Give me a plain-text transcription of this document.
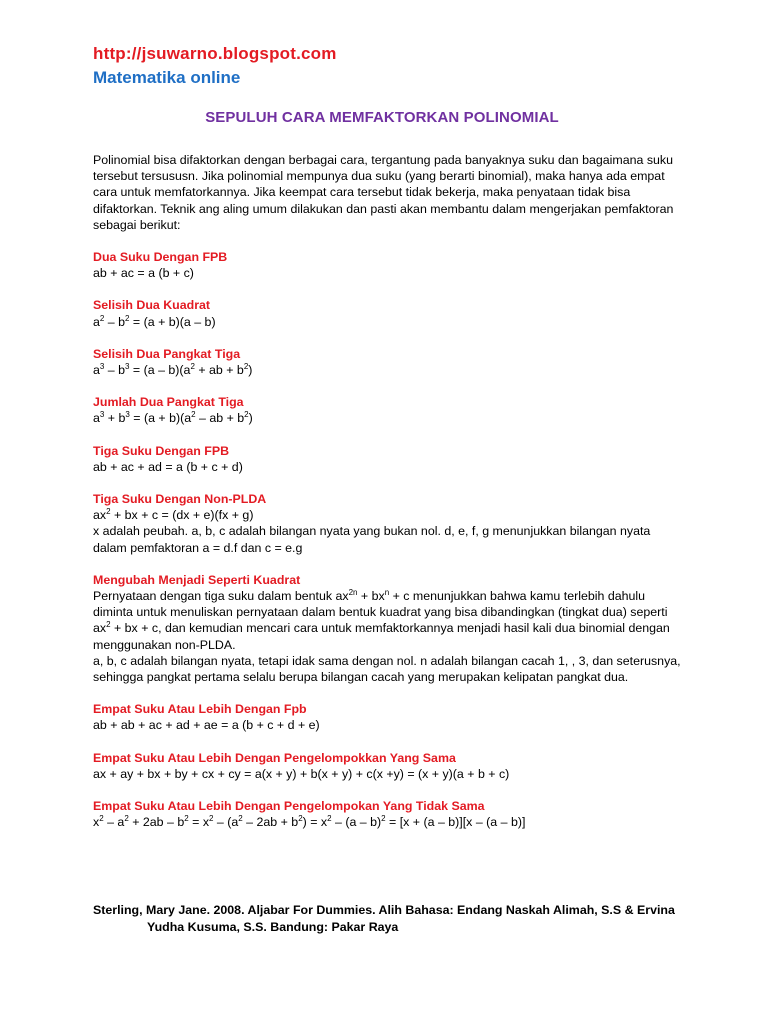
http://jsuwarno.blogspot.com
Matematika online
SEPULUH CARA MEMFAKTORKAN POLINOMIAL

Polinomial bisa difaktorkan dengan berbagai cara, tergantung pada banyaknya suku dan bagaimana suku tersebut tersususn. Jika polinomial mempunya dua suku (yang berarti binomial), maka hanya ada empat cara untuk memfatorkannya. Jika keempat cara tersebut tidak bekerja, maka penyataan tidak bisa difaktorkan. Teknik ang aling umum dilakukan dan pasti akan membantu dalam mengerjakan pemfaktoran sebagai berikut:

Dua Suku Dengan FPB
ab + ac = a (b + c)
Selisih Dua Kuadrat
$a^2 - b^2 = (a + b)(a - b)$
Selisih Dua Pangkat Tiga
$a^3 - b^3 = (a - b)(a^2$ + ab + $b^2$)
Jumlah Dua Pangkat Tiga
$a^3 + b^3 = (a + b)(a^2$ – ab + $b^2$)
Tiga Suku Dengan FPB
ab + ac + ad = a (b + c + d)
Tiga Suku Dengan Non-PLDA
$ax^2$ + bx + c = (dx + e)(fx + g)
x adalah peubah. a, b, c adalah bilangan nyata yang bukan nol. d, e, f, g menunjukkan bilangan nyata dalam pemfaktoran a = d.f dan c = e.g
Mengubah Menjadi Seperti Kuadrat
Pernyataan dengan tiga suku dalam bentuk $ax^{2n} + bx^n + c$ menunjukkan bahwa kamu terlebih dahulu diminta untuk menuliskan pernyataan dalam bentuk kuadrat yang bisa dibandingkan (tingkat dua) seperti $ax^2$ + bx + c, dan kemudian mencari cara untuk memfaktorkannya menjadi hasil kali dua binomial dengan menggunakan non-PLDA.
a, b, c adalah bilangan nyata, tetapi idak sama dengan nol. n adalah bilangan cacah 1, , 3, dan seterusnya, sehingga pangkat pertama selalu berupa bilangan cacah yang merupakan kelipatan pangkat dua.
Empat Suku Atau Lebih Dengan Fpb
ab + ab + ac + ad + ae = a (b + c + d + e)
Empat Suku Atau Lebih Dengan Pengelompokkan Yang Sama
ax + ay + bx + by + cx + cy = a(x + y) + b(x + y) + c(x +y) = (x + y)(a + b + c)
Empat Suku Atau Lebih Dengan Pengelompokan Yang Tidak Sama
$x^2 - a^2 + 2ab - b^2 = x^2 - (a^2 - 2ab + b^2) = x^2 - (a - b)^2 = [x + (a - b)][x - (a - b)]$
Sterling, Mary Jane. 2008. Aljabar For Dummies. Alih Bahasa: Endang Naskah Alimah, S.S & Ervina
Yudha Kusuma, S.S. Bandung: Pakar Raya
